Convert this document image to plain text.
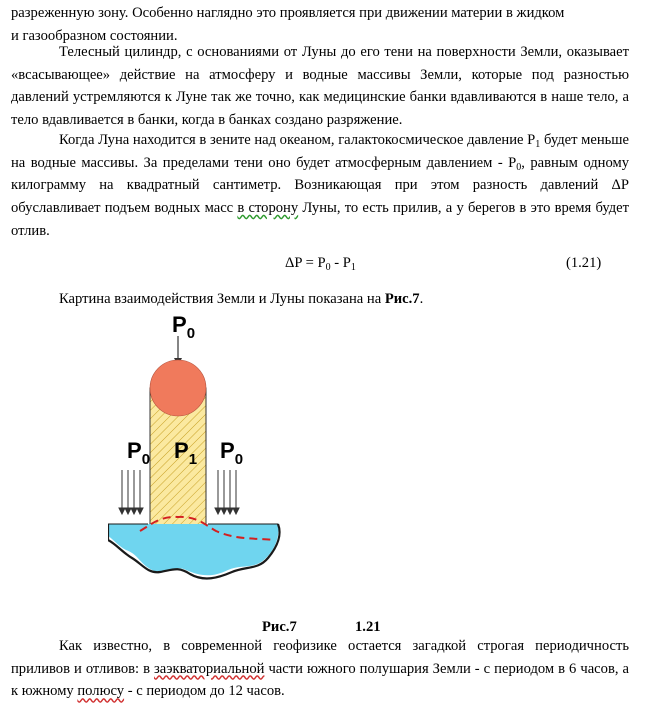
разреженную зону. Особенно наглядно это проявляется при движении материи в жидком
и газообразном состоянии.
Телесный цилиндр, с основаниями от Луны до его тени на поверхности Земли, оказывает «всасывающее» действие на атмосферу и водные массивы Земли, которые под разностью давлений устремляются к Луне так же точно, как медицинские банки вдавливаются в наше тело, а тело вдавливается в банки, когда в банках создано разряжение.
Когда Луна находится в зените над океаном, галактокосмическое давление $P_1$ будет меньше на водные массивы. За пределами тени оно будет атмосферным давлением - $P_0$, равным одному килограмму на квадратный сантиметр. Возникающая при этом разность давлений ΔP обуславливает подъем водных масс в сторону Луны, то есть прилив, а у берегов в это время будет отлив.
$\Delta P = P_0 - P_1$	(1.21)
Картина взаимодействия Земли и Луны показана на Рис.7.
$P_0$
$P_0$ $P_1$ $P_0$
Рис.7	1.21
Как известно, в современной геофизике остается загадкой строгая периодичность приливов и отливов: в заэкваториальной части южного полушария Земли - с периодом в 6 часов, а к южному полюсу - с периодом до 12 часов.
